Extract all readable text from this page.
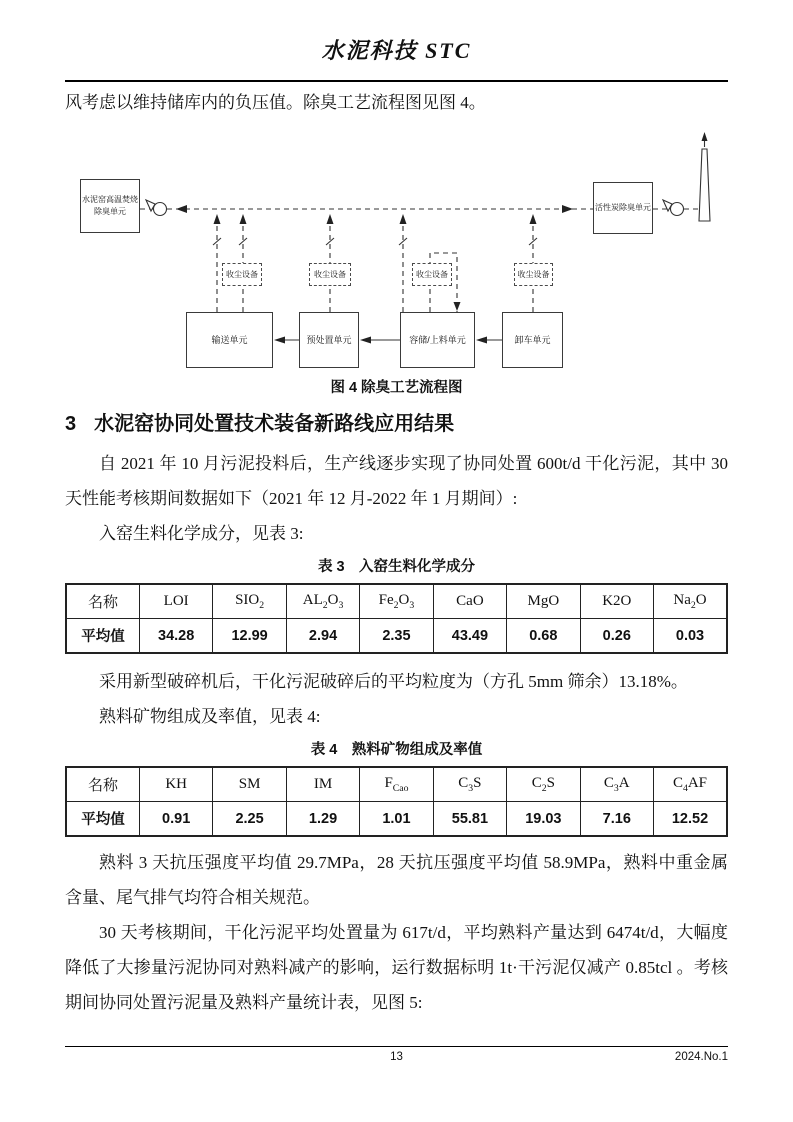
水泥科技 STC

风考虑以维持储库内的负压值。除臭工艺流程图见图 4。

水泥窑高温焚烧
除臭单元	活性炭除臭单元
输送单元	预处置单元	容储/上料单元	卸车单元
收尘设备	收尘设备	收尘设备	收尘设备

图 4 除臭工艺流程图

3 水泥窑协同处置技术装备新路线应用结果

自 2021 年 10 月污泥投料后，生产线逐步实现了协同处置 600t/d 干化污泥，其中 30 天性能考核期间数据如下（2021 年 12 月-2022 年 1 月期间）:

入窑生料化学成分，见表 3:

表 3　入窑生料化学成分

名称	LOI	$SIO_2$	$AL_2O_3$	$Fe_2O_3$	CaO	MgO	K2O	$Na_2O$
平均值	34.28	12.99	2.94	2.35	43.49	0.68	0.26	0.03

采用新型破碎机后，干化污泥破碎后的平均粒度为（方孔 5mm 筛余）13.18%。

熟料矿物组成及率值，见表 4:

表 4　熟料矿物组成及率值

名称	KH	SM	IM	$F_{Cao}$	$C_3S$	$C_2S$	$C_3A$	$C_4AF$
平均值	0.91	2.25	1.29	1.01	55.81	19.03	7.16	12.52

熟料 3 天抗压强度平均值 29.7MPa，28 天抗压强度平均值 58.9MPa，熟料中重金属含量、尾气排气均符合相关规范。

30 天考核期间，干化污泥平均处置量为 617t/d，平均熟料产量达到 6474t/d，大幅度降低了大掺量污泥协同对熟料减产的影响，运行数据标明 1t·干污泥仅减产 0.85tcl 。考核期间协同处置污泥量及熟料产量统计表，见图 5:

13	2024.No.1
